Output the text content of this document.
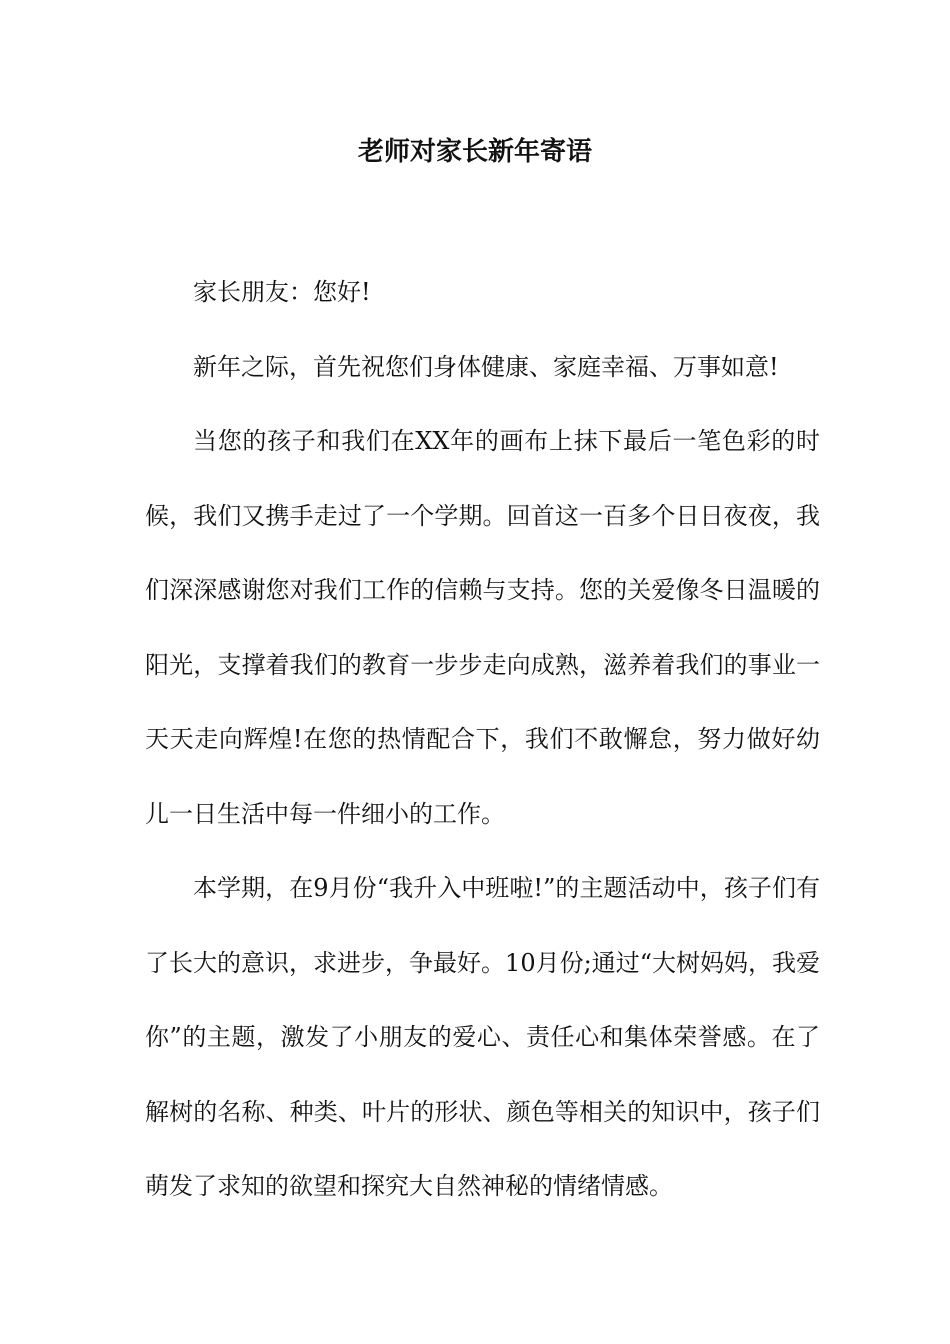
老师对家长新年寄语

家长朋友：您好!

新年之际，首先祝您们身体健康、家庭幸福、万事如意!

当您的孩子和我们在XX年的画布上抹下最后一笔色彩的时候，我们又携手走过了一个学期。回首这一百多个日日夜夜，我们深深感谢您对我们工作的信赖与支持。您的关爱像冬日温暖的阳光，支撑着我们的教育一步步走向成熟，滋养着我们的事业一天天走向辉煌!在您的热情配合下，我们不敢懈怠，努力做好幼儿一日生活中每一件细小的工作。

本学期，在9月份“我升入中班啦!”的主题活动中，孩子们有了长大的意识，求进步，争最好。10月份;通过“大树妈妈，我爱你”的主题，激发了小朋友的爱心、责任心和集体荣誉感。在了解树的名称、种类、叶片的形状、颜色等相关的知识中，孩子们萌发了求知的欲望和探究大自然神秘的情绪情感。
